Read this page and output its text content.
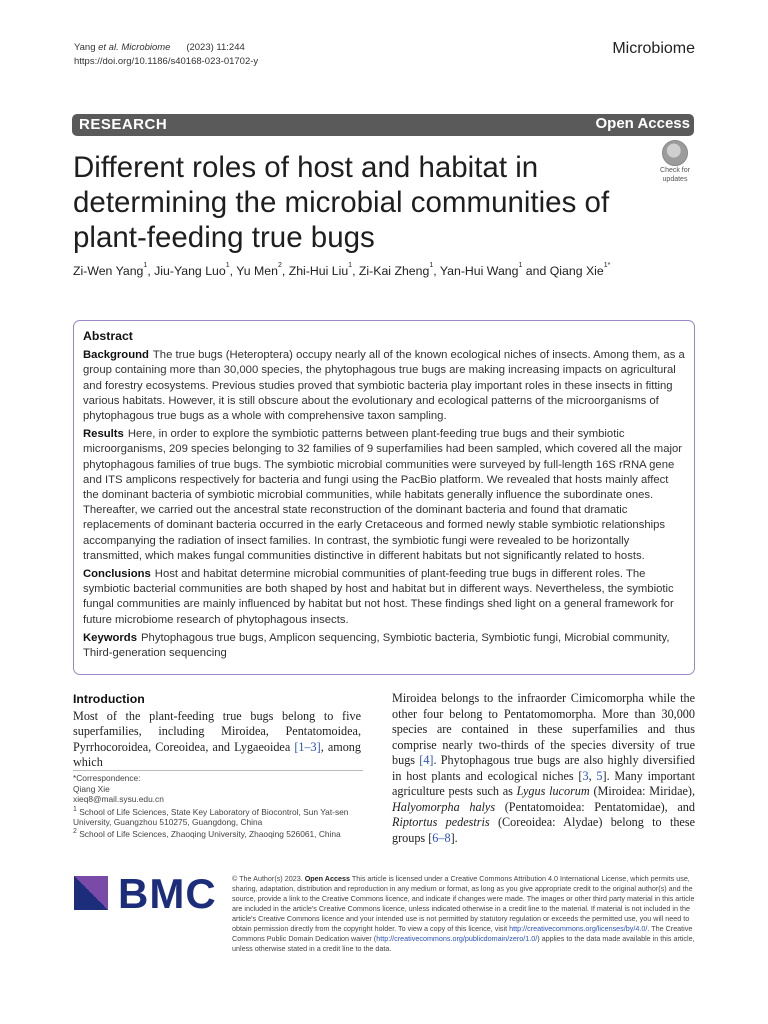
Yang et al. Microbiome (2023) 11:244
https://doi.org/10.1186/s40168-023-01702-y
Microbiome
RESEARCH	Open Access
Different roles of host and habitat in determining the microbial communities of plant-feeding true bugs
Check for
updates
Zi-Wen Yang$^1$, Jiu-Yang Luo$^1$, Yu Men$^2$, Zhi-Hui Liu$^1$, Zi-Kai Zheng$^1$, Yan-Hui Wang$^1$ and Qiang Xie$^{1*}$
Abstract

Background The true bugs (Heteroptera) occupy nearly all of the known ecological niches of insects. Among them, as a group containing more than 30,000 species, the phytophagous true bugs are making increasing impacts on agricultural and forestry ecosystems. Previous studies proved that symbiotic bacteria play important roles in these insects in fitting various habitats. However, it is still obscure about the evolutionary and ecological patterns of the microorganisms of phytophagous true bugs as a whole with comprehensive taxon sampling.

Results Here, in order to explore the symbiotic patterns between plant-feeding true bugs and their symbiotic microorganisms, 209 species belonging to 32 families of 9 superfamilies had been sampled, which covered all the major phytophagous families of true bugs. The symbiotic microbial communities were surveyed by full-length 16S rRNA gene and ITS amplicons respectively for bacteria and fungi using the PacBio platform. We revealed that hosts mainly affect the dominant bacteria of symbiotic microbial communities, while habitats generally influence the subordinate ones. Thereafter, we carried out the ancestral state reconstruction of the dominant bacteria and found that dramatic replacements of dominant bacteria occurred in the early Cretaceous and formed newly stable symbiotic relationships accompanying the radiation of insect families. In contrast, the symbiotic fungi were revealed to be horizontally transmitted, which makes fungal communities distinctive in different habitats but not significantly related to hosts.

Conclusions Host and habitat determine microbial communities of plant-feeding true bugs in different roles. The symbiotic bacterial communities are both shaped by host and habitat but in different ways. Nevertheless, the symbiotic fungal communities are mainly influenced by habitat but not host. These findings shed light on a general framework for future microbiome research of phytophagous insects.

Keywords Phytophagous true bugs, Amplicon sequencing, Symbiotic bacteria, Symbiotic fungi, Microbial community, Third-generation sequencing

Introduction

Most of the plant-feeding true bugs belong to five superfamilies, including Miroidea, Pentatomoidea, Pyrrhocoroidea, Coreoidea, and Lygaeoidea [1–3], among which

*Correspondence:
Qiang Xie
xieq8@mail.sysu.edu.cn
$^1$ School of Life Sciences, State Key Laboratory of Biocontrol, Sun Yat-sen University, Guangzhou 510275, Guangdong, China
$^2$ School of Life Sciences, Zhaoqing University, Zhaoqing 526061, China

Miroidea belongs to the infraorder Cimicomorpha while the other four belong to Pentatomomorpha. More than 30,000 species are contained in these superfamilies and thus comprise nearly two-thirds of the species diversity of true bugs [4]. Phytophagous true bugs are also highly diversified in host plants and ecological niches [3, 5]. Many important agriculture pests such as Lygus lucorum (Miroidea: Miridae), Halyomorpha halys (Pentatomoidea: Pentatomidae), and Riptortus pedestris (Coreoidea: Alydae) belong to these groups [6–8].

BMC © The Author(s) 2023. Open Access This article is licensed under a Creative Commons Attribution 4.0 International License, which permits use, sharing, adaptation, distribution and reproduction in any medium or format, as long as you give appropriate credit to the original author(s) and the source, provide a link to the Creative Commons licence, and indicate if changes were made. The images or other third party material in this article are included in the article's Creative Commons licence, unless indicated otherwise in a credit line to the material. If material is not included in the article's Creative Commons licence and your intended use is not permitted by statutory regulation or exceeds the permitted use, you will need to obtain permission directly from the copyright holder. To view a copy of this licence, visit http://creativecommons.org/licenses/by/4.0/. The Creative Commons Public Domain Dedication waiver (http://creativecommons.org/publicdomain/zero/1.0/) applies to the data made available in this article, unless otherwise stated in a credit line to the data.
